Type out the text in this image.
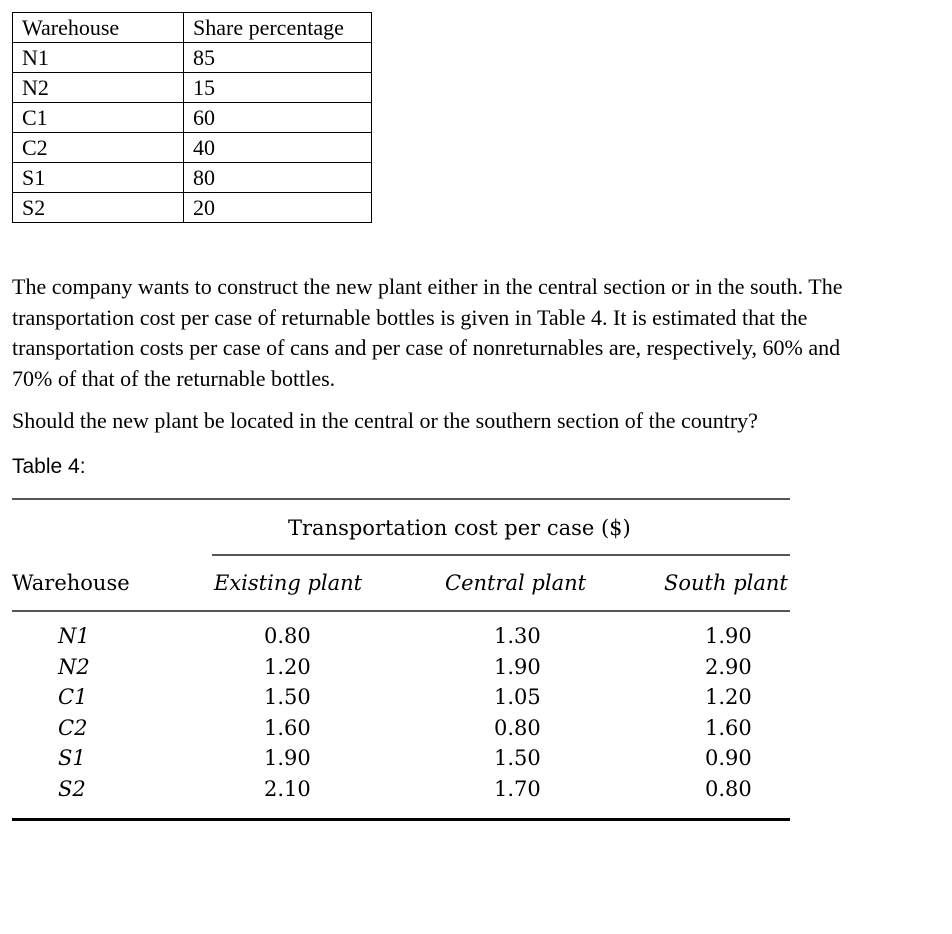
Warehouse	Share percentage
N1	85
N2	15
C1	60
C2	40
S1	80
S2	20
The company wants to construct the new plant either in the central section or in the south. The
transportation cost per case of returnable bottles is given in Table 4. It is estimated that the
transportation costs per case of cans and per case of nonreturnables are, respectively, 60% and
70% of that of the returnable bottles.

Should the new plant be located in the central or the southern section of the country?

Table 4:

Transportation cost per case ($)
Warehouse	Existing plant	Central plant	South plant
N1	0.80	1.30	1.90
N2	1.20	1.90	2.90
C1	1.50	1.05	1.20
C2	1.60	0.80	1.60
S1	1.90	1.50	0.90
S2	2.10	1.70	0.80
